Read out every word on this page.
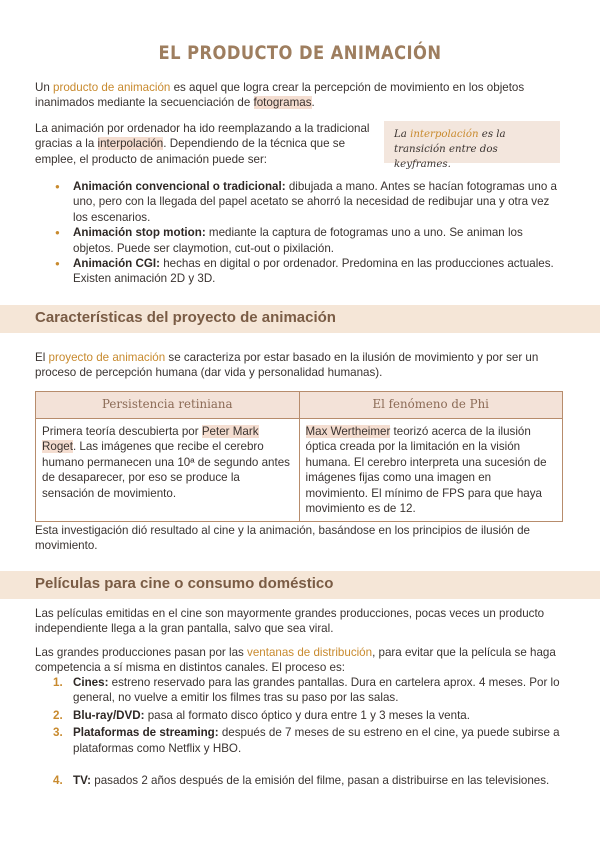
EL PRODUCTO DE ANIMACIÓN

Un producto de animación es aquel que logra crear la percepción de movimiento en los objetos inanimados mediante la secuenciación de fotogramas.

La animación por ordenador ha ido reemplazando a la tradicional gracias a la interpolación. Dependiendo de la técnica que se emplee, el producto de animación puede ser:

La interpolación es la transición entre dos keyframes.
● Animación convencional o tradicional: dibujada a mano. Antes se hacían fotogramas uno a uno, pero con la llegada del papel acetato se ahorró la necesidad de redibujar una y otra vez los escenarios.
● Animación stop motion: mediante la captura de fotogramas uno a uno. Se animan los objetos. Puede ser claymotion, cut-out o pixilación.
● Animación CGI: hechas en digital o por ordenador. Predomina en las producciones actuales. Existen animación 2D y 3D.
Características del proyecto de animación

El proyecto de animación se caracteriza por estar basado en la ilusión de movimiento y por ser un proceso de percepción humana (dar vida y personalidad humanas).

Persistencia retiniana	El fenómeno de Phi
Primera teoría descubierta por Peter Mark Roget. Las imágenes que recibe el cerebro humano permanecen una 10ª de segundo antes de desaparecer, por eso se produce la sensación de movimiento.	Max Wertheimer teorizó acerca de la ilusión óptica creada por la limitación en la visión humana. El cerebro interpreta una sucesión de imágenes fijas como una imagen en movimiento. El mínimo de FPS para que haya movimiento es de 12.

Esta investigación dió resultado al cine y la animación, basándose en los principios de ilusión de movimiento.

Películas para cine o consumo doméstico

Las películas emitidas en el cine son mayormente grandes producciones, pocas veces un producto independiente llega a la gran pantalla, salvo que sea viral.

Las grandes producciones pasan por las ventanas de distribución, para evitar que la película se haga competencia a sí misma en distintos canales. El proceso es:

1. Cines: estreno reservado para las grandes pantallas. Dura en cartelera aprox. 4 meses. Por lo general, no vuelve a emitir los filmes tras su paso por las salas.
2. Blu-ray/DVD: pasa al formato disco óptico y dura entre 1 y 3 meses la venta.
3. Plataformas de streaming: después de 7 meses de su estreno en el cine, ya puede subirse a plataformas como Netflix y HBO.
4. TV: pasados 2 años después de la emisión del filme, pasan a distribuirse en las televisiones.
